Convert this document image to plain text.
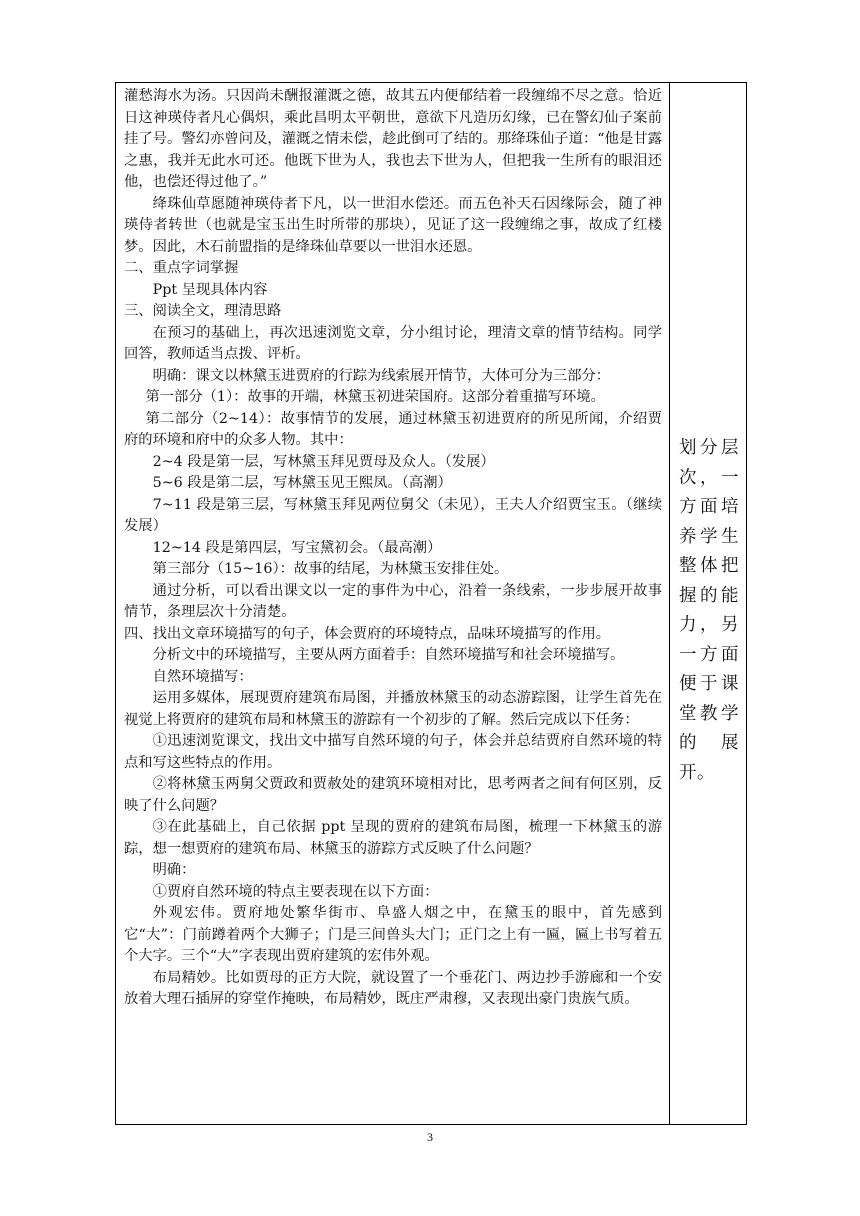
灌愁海水为汤。只因尚未酬报灌溉之德，故其五内便郁结着一段缠绵不尽之意。恰近日这神瑛侍者凡心偶炽，乘此昌明太平朝世，意欲下凡造历幻缘，已在警幻仙子案前挂了号。警幻亦曾问及，灌溉之情未偿，趁此倒可了结的。那绛珠仙子道：“他是甘露之惠，我并无此水可还。他既下世为人，我也去下世为人，但把我一生所有的眼泪还他，也偿还得过他了。”

绛珠仙草愿随神瑛侍者下凡，以一世泪水偿还。而五色补天石因缘际会，随了神瑛侍者转世（也就是宝玉出生时所带的那块），见证了这一段缠绵之事，故成了红楼梦。因此，木石前盟指的是绛珠仙草要以一世泪水还恩。

二、重点字词掌握

Ppt 呈现具体内容

三、阅读全文，理清思路

在预习的基础上，再次迅速浏览文章，分小组讨论，理清文章的情节结构。同学回答，教师适当点拨、评析。

明确：课文以林黛玉进贾府的行踪为线索展开情节，大体可分为三部分：

第一部分（1）：故事的开端，林黛玉初进荣国府。这部分着重描写环境。

第二部分（2~14）：故事情节的发展，通过林黛玉初进贾府的所见所闻，介绍贾府的环境和府中的众多人物。其中：

2~4 段是第一层，写林黛玉拜见贾母及众人。（发展）

5~6 段是第二层，写林黛玉见王熙凤。（高潮）

7~11 段是第三层，写林黛玉拜见两位舅父（未见），王夫人介绍贾宝玉。（继续发展）

12~14 段是第四层，写宝黛初会。（最高潮）

第三部分（15~16）：故事的结尾，为林黛玉安排住处。

通过分析，可以看出课文以一定的事件为中心，沿着一条线索，一步步展开故事情节，条理层次十分清楚。

四、找出文章环境描写的句子，体会贾府的环境特点，品味环境描写的作用。

分析文中的环境描写，主要从两方面着手：自然环境描写和社会环境描写。

自然环境描写：

运用多媒体，展现贾府建筑布局图，并播放林黛玉的动态游踪图，让学生首先在视觉上将贾府的建筑布局和林黛玉的游踪有一个初步的了解。然后完成以下任务：

①迅速浏览课文，找出文中描写自然环境的句子，体会并总结贾府自然环境的特点和写这些特点的作用。

②将林黛玉两舅父贾政和贾赦处的建筑环境相对比，思考两者之间有何区别，反映了什么问题？

③在此基础上，自己依据 ppt 呈现的贾府的建筑布局图，梳理一下林黛玉的游踪，想一想贾府的建筑布局、林黛玉的游踪方式反映了什么问题？

明确：

①贾府自然环境的特点主要表现在以下方面：

外观宏伟。贾府地处繁华街市、阜盛人烟之中，在黛玉的眼中，首先感到它“大”：门前蹲着两个大狮子；门是三间兽头大门；正门之上有一匾，匾上书写着五个大字。三个“大”字表现出贾府建筑的宏伟外观。

布局精妙。比如贾母的正方大院，就设置了一个垂花门、两边抄手游廊和一个安放着大理石插屏的穿堂作掩映，布局精妙，既庄严肃穆，又表现出豪门贵族气质。

划分层次，一方面培养学生整体把握的能力，另一方面便于课堂教学的展开。
3
